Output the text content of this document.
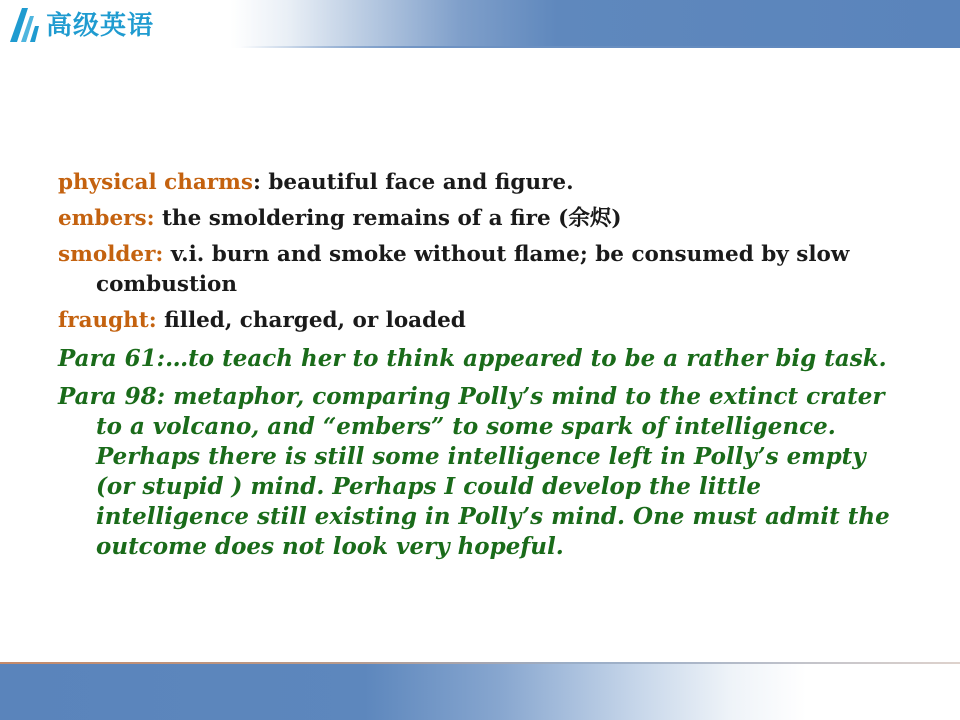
高级英语

physical charms: beautiful face and figure.

embers: the smoldering remains of a fire (余烬)

smolder: v.i. burn and smoke without flame; be consumed by slow combustion

fraught: filled, charged, or loaded

Para 61:…to teach her to think appeared to be a rather big task.

Para 98: metaphor, comparing Polly’s mind to the extinct crater to a volcano, and “embers” to some spark of intelligence. Perhaps there is still some intelligence left in Polly’s empty (or stupid ) mind. Perhaps I could develop the little intelligence still existing in Polly’s mind. One must admit the outcome does not look very hopeful.
